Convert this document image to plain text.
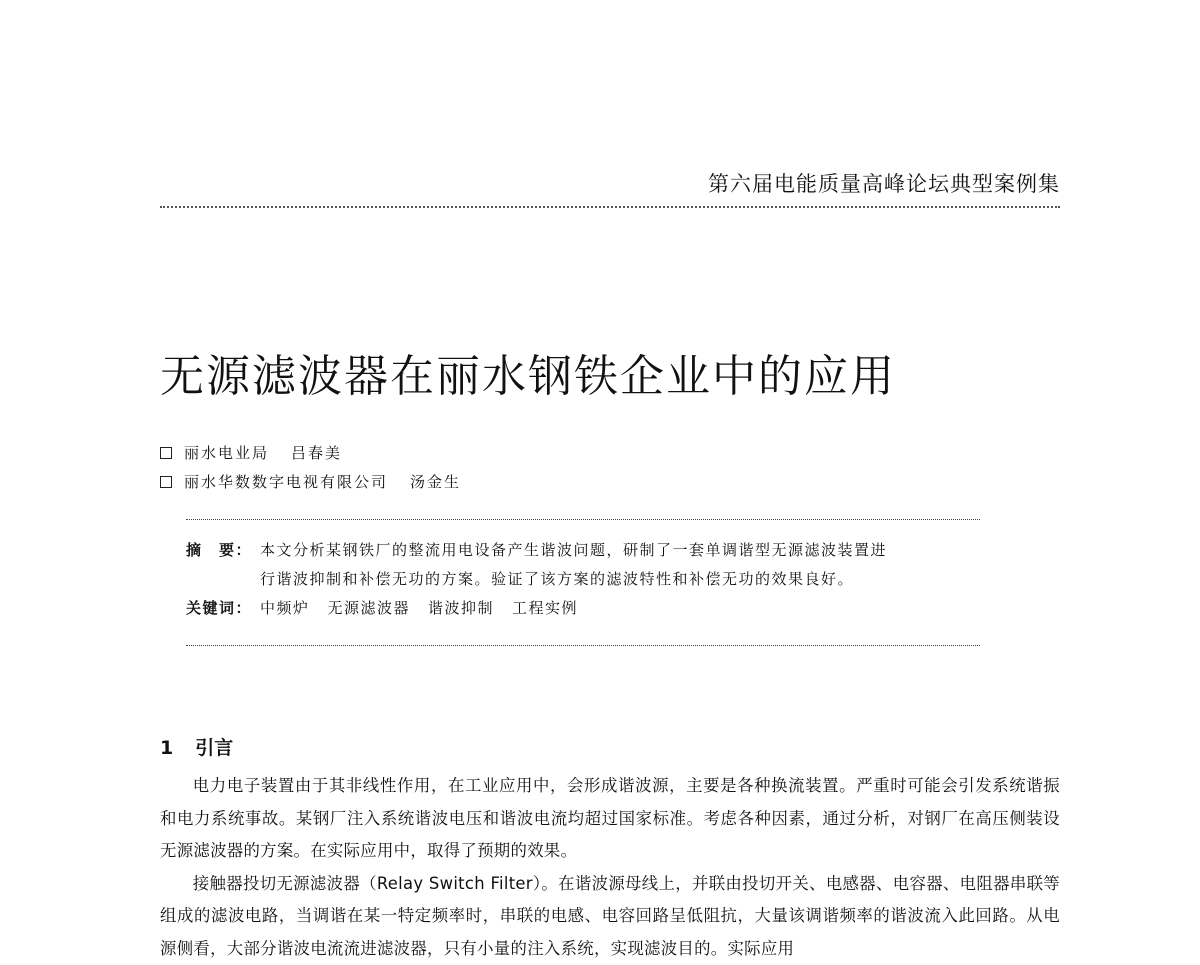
第六届电能质量高峰论坛典型案例集
无源滤波器在丽水钢铁企业中的应用
丽水电业局 吕春美
丽水华数数字电视有限公司 汤金生
摘　要： 本文分析某钢铁厂的整流用电设备产生谐波问题，研制了一套单调谐型无源滤波装置进
行谐波抑制和补偿无功的方案。验证了该方案的滤波特性和补偿无功的效果良好。
关键词： 中频炉 无源滤波器 谐波抑制 工程实例
1 引言

电力电子装置由于其非线性作用，在工业应用中，会形成谐波源，主要是各种换流装置。严重时可能会引发系统谐振和电力系统事故。某钢厂注入系统谐波电压和谐波电流均超过国家标准。考虑各种因素，通过分析，对钢厂在高压侧装设无源滤波器的方案。在实际应用中，取得了预期的效果。

接触器投切无源滤波器（Relay Switch Filter）。在谐波源母线上，并联由投切开关、电感器、电容器、电阻器串联等组成的滤波电路，当调谐在某一特定频率时，串联的电感、电容回路呈低阻抗，大量该调谐频率的谐波流入此回路。从电源侧看，大部分谐波电流流进滤波器，只有小量的注入系统，实现滤波目的。实际应用
